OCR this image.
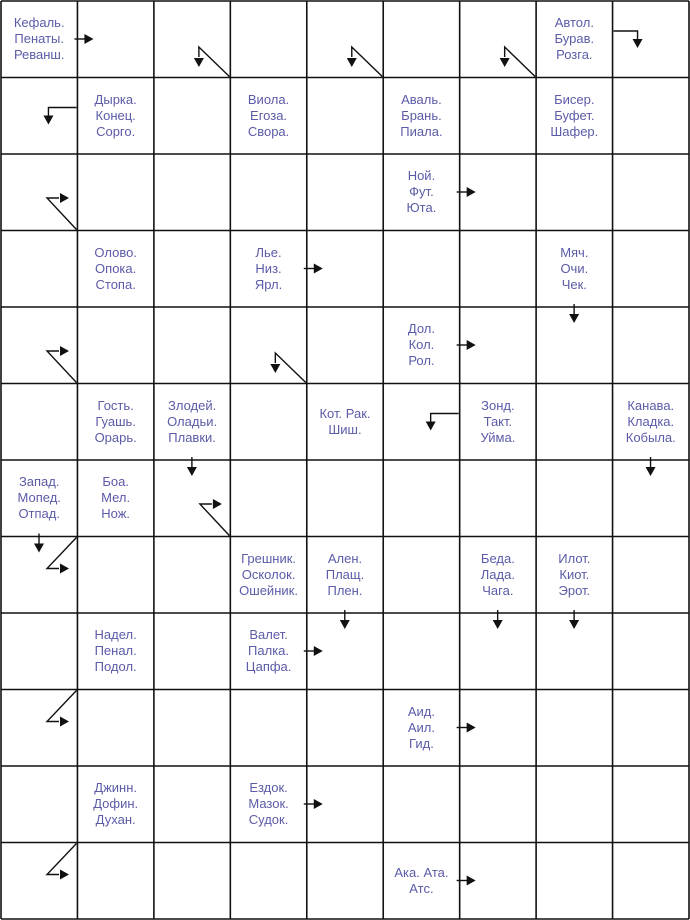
Кефаль.
Пенаты.
Реванш.
Автол.
Бурав.
Розга.
Дырка.
Конец.
Сорго.
Виола.
Егоза.
Свора.
Аваль.
Брань.
Пиала.
Бисер.
Буфет.
Шафер.
Ной.
Фут.
Юта.
Олово.
Опока.
Стопа.
Лье.
Низ.
Ярл.
Мяч.
Очи.
Чек.
Дол.
Кол.
Рол.
Гость.
Гуашь.
Орарь.
Злодей.
Оладьи.
Плавки.
Кот. Рак.
Шиш.
Зонд.
Такт.
Уйма.
Канава.
Кладка.
Кобыла.
Запад.
Мопед.
Отпад.
Боа.
Мел.
Нож.
Грешник.
Осколок.
Ошейник.
Ален.
Плащ.
Плен.
Беда.
Лада.
Чага.
Илот.
Киот.
Эрот.
Надел.
Пенал.
Подол.
Валет.
Палка.
Цапфа.
Аид.
Аил.
Гид.
Джинн.
Дофин.
Духан.
Ездок.
Мазок.
Судок.
Ака. Ата.
Атс.
